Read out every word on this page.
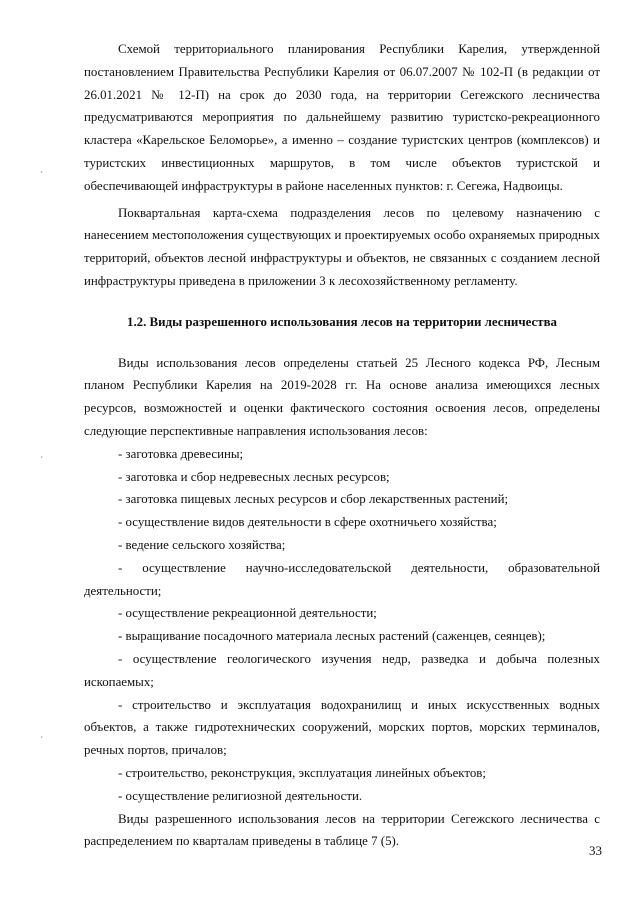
Схемой территориального планирования Республики Карелия, утвержденной постановлением Правительства Республики Карелия от 06.07.2007 № 102-П (в редакции от 26.01.2021 № 12-П) на срок до 2030 года, на территории Сегежского лесничества предусматриваются мероприятия по дальнейшему развитию туристско-рекреационного кластера «Карельское Беломорье», а именно – создание туристских центров (комплексов) и туристских инвестиционных маршрутов, в том числе объектов туристской и обеспечивающей инфраструктуры в районе населенных пунктов: г. Сегежа, Надвоицы.

Поквартальная карта-схема подразделения лесов по целевому назначению с нанесением местоположения существующих и проектируемых особо охраняемых природных территорий, объектов лесной инфраструктуры и объектов, не связанных с созданием лесной инфраструктуры приведена в приложении 3 к лесохозяйственному регламенту.

1.2. Виды разрешенного использования лесов на территории лесничества

Виды использования лесов определены статьей 25 Лесного кодекса РФ, Лесным планом Республики Карелия на 2019-2028 гг. На основе анализа имеющихся лесных ресурсов, возможностей и оценки фактического состояния освоения лесов, определены следующие перспективные направления использования лесов:

- заготовка древесины;

- заготовка и сбор недревесных лесных ресурсов;

- заготовка пищевых лесных ресурсов и сбор лекарственных растений;

- осуществление видов деятельности в сфере охотничьего хозяйства;

- ведение сельского хозяйства;

- осуществление научно-исследовательской деятельности, образовательной деятельности;

- осуществление рекреационной деятельности;

- выращивание посадочного материала лесных растений (саженцев, сеянцев);

- осуществление геологического изучения недр, разведка и добыча полезных ископаемых;

- строительство и эксплуатация водохранилищ и иных искусственных водных объектов, а также гидротехнических сооружений, морских портов, морских терминалов, речных портов, причалов;

- строительство, реконструкция, эксплуатация линейных объектов;

- осуществление религиозной деятельности.

Виды разрешенного использования лесов на территории Сегежского лесничества с распределением по кварталам приведены в таблице 7 (5).

ˊ
ˊ
ˊ
33
